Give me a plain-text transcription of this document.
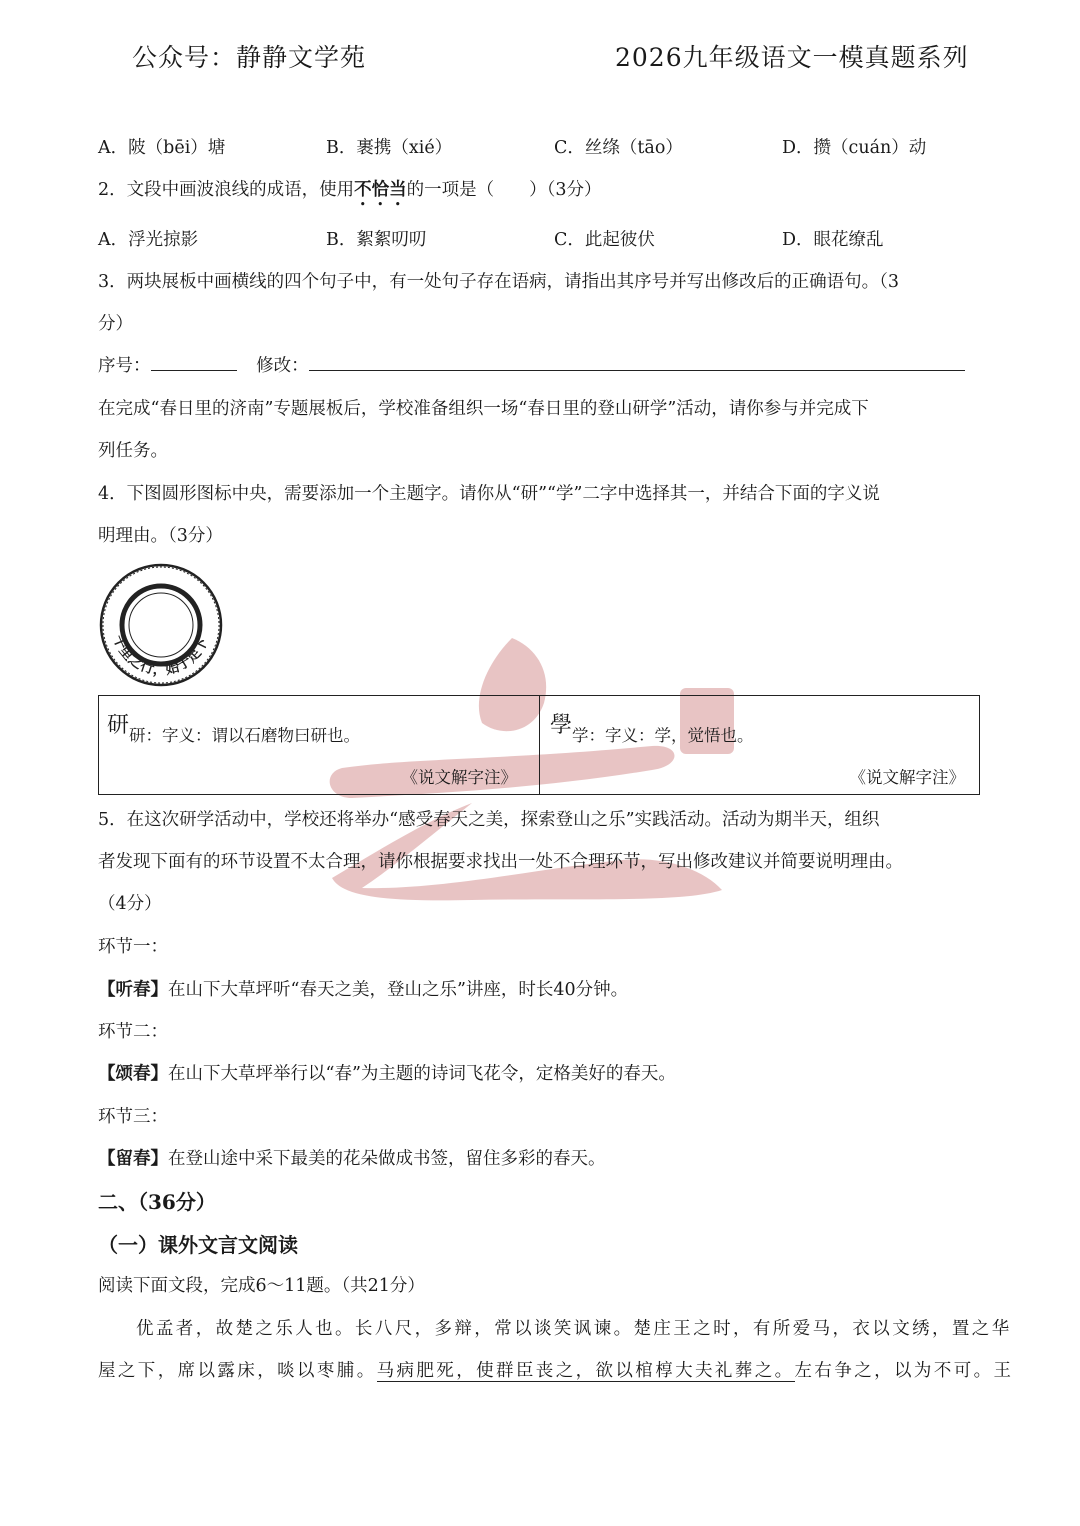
公众号：静静文学苑	2026九年级语文一模真题系列
A．陂（bēi）塘	B．裹携（xié）	C．丝绦（tāo）	D．攒（cuán）动
2．文段中画波浪线的成语，使用不恰当的一项是（　　）（3分）
A．浮光掠影	B．絮絮叨叨	C．此起彼伏	D．眼花缭乱
3．两块展板中画横线的四个句子中，有一处句子存在语病，请指出其序号并写出修改后的正确语句。（3
分）
序号：	修改：
在完成“春日里的济南”专题展板后，学校准备组织一场“春日里的登山研学”活动，请你参与并完成下
列任务。
4．下图圆形图标中央，需要添加一个主题字。请你从“研”“学”二字中选择其一，并结合下面的字义说
明理由。（3分）
千里之行，始于足下
研 研：字义：谓以石磨物曰研也。
《说文解字注》
學 学：字义：学，觉悟也。
《说文解字注》
5．在这次研学活动中，学校还将举办“感受春天之美，探索登山之乐”实践活动。活动为期半天，组织
者发现下面有的环节设置不太合理，请你根据要求找出一处不合理环节，写出修改建议并简要说明理由。
（4分）
环节一：
【听春】在山下大草坪听“春天之美，登山之乐”讲座，时长40分钟。
环节二：
【颂春】在山下大草坪举行以“春”为主题的诗词飞花令，定格美好的春天。
环节三：
【留春】在登山途中采下最美的花朵做成书签，留住多彩的春天。
二、（36分）
（一）课外文言文阅读
阅读下面文段，完成6～11题。（共21分）
优孟者，故楚之乐人也。长八尺，多辩，常以谈笑讽谏。楚庄王之时，有所爱马，衣以文绣，置之华
屋之下，席以露床，啖以枣脯。马病肥死，使群臣丧之，欲以棺椁大夫礼葬之。左右争之，以为不可。王
